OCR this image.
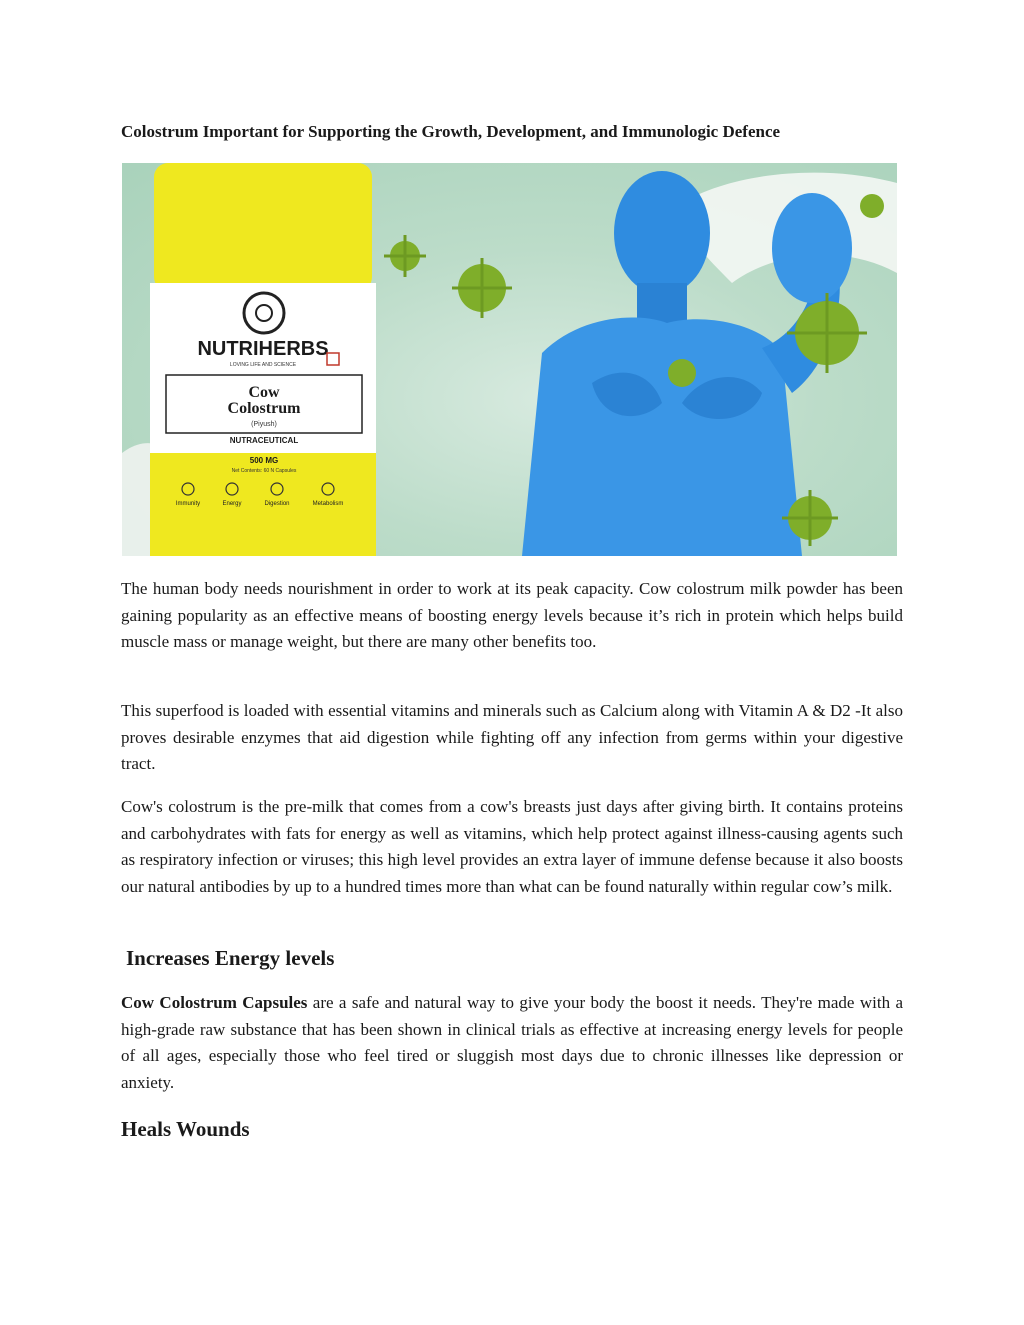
Colostrum Important for Supporting the Growth, Development, and Immunologic Defence
NUTRIHERBS
LOVING LIFE AND SCIENCE
Cow
Colostrum
(Piyush)
NUTRACEUTICAL
500 MG
Net Contents: 60 N Capsules
Immunity	Energy	Digestion	Metabolism

The human body needs nourishment in order to work at its peak capacity. Cow colostrum milk powder has been gaining popularity as an effective means of boosting energy levels because it’s rich in protein which helps build muscle mass or manage weight, but there are many other benefits too.

This superfood is loaded with essential vitamins and minerals such as Calcium along with Vitamin A & D2 -It also proves desirable enzymes that aid digestion while fighting off any infection from germs within your digestive tract.

Cow's colostrum is the pre-milk that comes from a cow's breasts just days after giving birth. It contains proteins and carbohydrates with fats for energy as well as vitamins, which help protect against illness-causing agents such as respiratory infection or viruses; this high level provides an extra layer of immune defense because it also boosts our natural antibodies by up to a hundred times more than what can be found naturally within regular cow’s milk.

Increases Energy levels

Cow Colostrum Capsules are a safe and natural way to give your body the boost it needs. They're made with a high-grade raw substance that has been shown in clinical trials as effective at increasing energy levels for people of all ages, especially those who feel tired or sluggish most days due to chronic illnesses like depression or anxiety.

Heals Wounds
